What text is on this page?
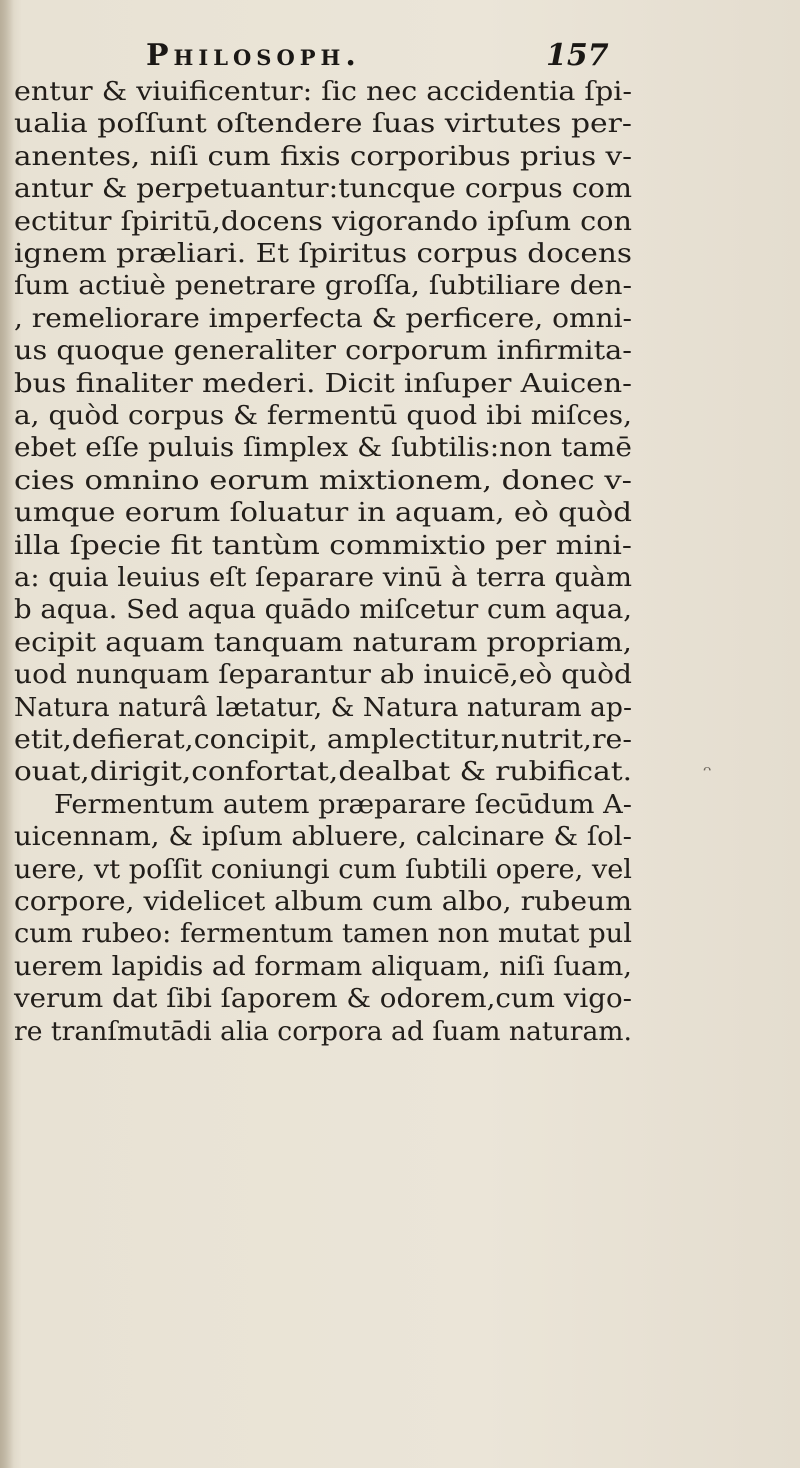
Philosoph.	157
entur & viuificentur: ſic nec accidentia ſpi-
ualia poſſunt oſtendere ſuas virtutes per-
anentes, niſi cum fixis corporibus prius v-
antur & perpetuantur:tuncque corpus com
ectitur ſpiritū,docens vigorando ipſum con
ignem præliari. Et ſpiritus corpus docens
ſum actiuè penetrare groſſa, ſubtiliare den-
, remeliorare imperfecta & perficere, omni-
us quoque generaliter corporum infirmita-
bus finaliter mederi. Dicit inſuper Auicen-
a, quòd corpus & fermentū quod ibi miſces,
ebet eſſe puluis ſimplex & ſubtilis:non tamē
cies omnino eorum mixtionem, donec v-
umque eorum ſoluatur in aquam, eò quòd
illa ſpecie fit tantùm commixtio per mini-
a: quia leuius eſt ſeparare vinū à terra quàm
b aqua. Sed aqua quādo miſcetur cum aqua,
ecipit aquam tanquam naturam propriam,
uod nunquam ſeparantur ab inuicē,eò quòd
Natura naturâ lætatur, & Natura naturam ap-
etit,defierat,concipit, amplectitur,nutrit,re-
ouat,dirigit,confortat,dealbat & rubificat.
Fermentum autem præparare ſecūdum A-
uicennam, & ipſum abluere, calcinare & ſol-
uere, vt poſſit coniungi cum ſubtili opere, vel
corpore, videlicet album cum albo, rubeum
cum rubeo: fermentum tamen non mutat pul
uerem lapidis ad formam aliquam, niſi ſuam,
verum dat ſibi ſaporem & odorem,cum vigo-
re tranſmutādi alia corpora ad ſuam naturam.
ᵔ
